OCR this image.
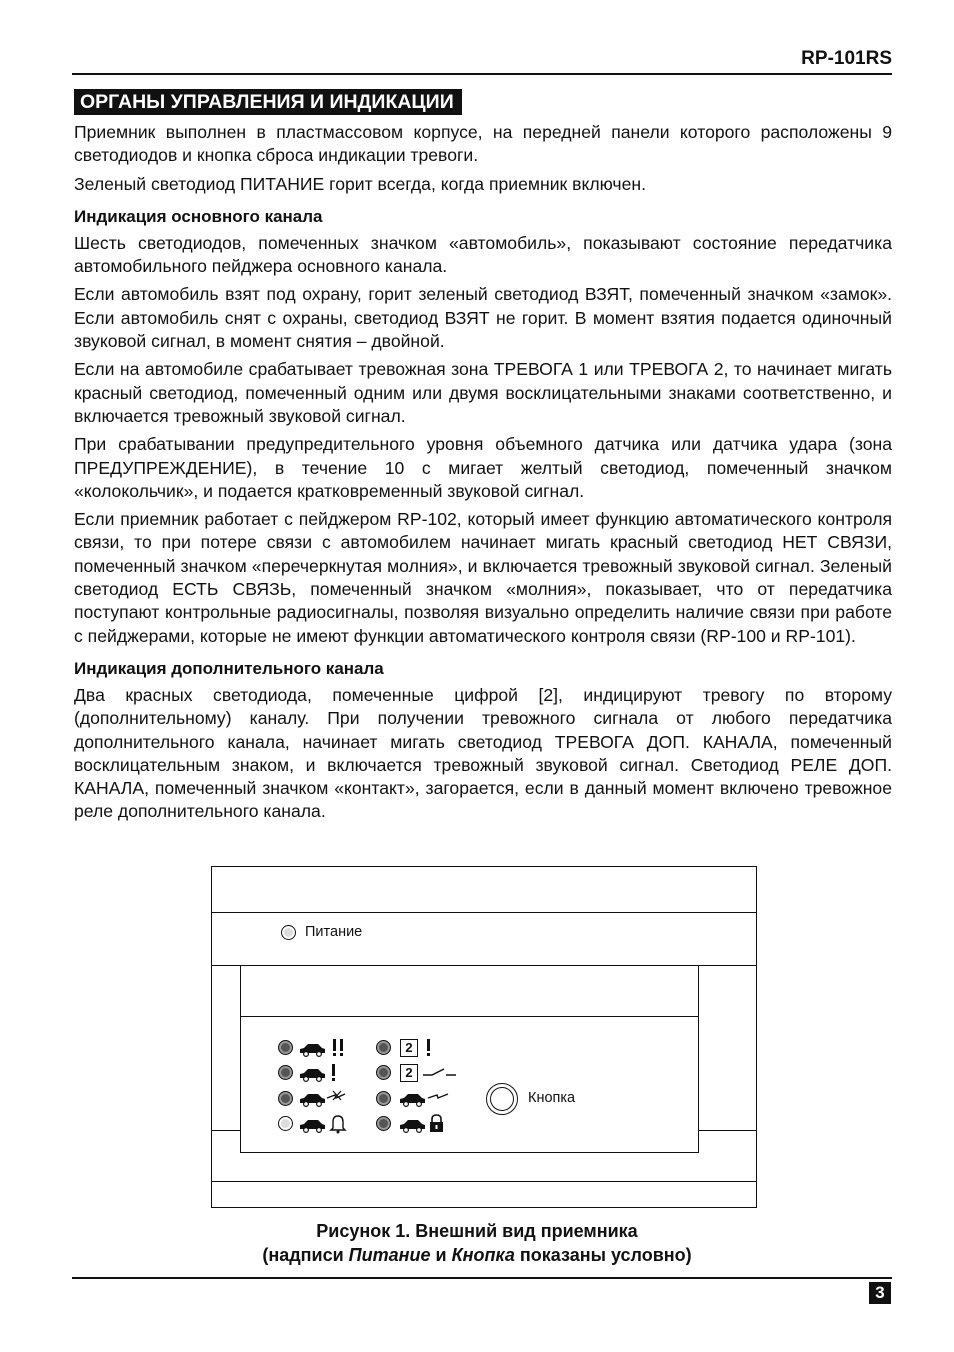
RP-101RS
ОРГАНЫ УПРАВЛЕНИЯ И ИНДИКАЦИИ

Приемник выполнен в пластмассовом корпусе, на передней панели которого расположены 9 светодиодов и кнопка сброса индикации тревоги.

Зеленый светодиод ПИТАНИЕ горит всегда, когда приемник включен.

Индикация основного канала

Шесть светодиодов, помеченных значком «автомобиль», показывают состояние передатчика автомобильного пейджера основного канала.

Если автомобиль взят под охрану, горит зеленый светодиод ВЗЯТ, помеченный значком «замок». Если автомобиль снят с охраны, светодиод ВЗЯТ не горит. В момент взятия подается одиночный звуковой сигнал, в момент снятия – двойной.

Если на автомобиле срабатывает тревожная зона ТРЕВОГА 1 или ТРЕВОГА 2, то начинает мигать красный светодиод, помеченный одним или двумя восклицательными знаками соответственно, и включается тревожный звуковой сигнал.

При срабатывании предупредительного уровня объемного датчика или датчика удара (зона ПРЕДУПРЕЖДЕНИЕ), в течение 10 с мигает желтый светодиод, помеченный значком «колокольчик», и подается кратковременный звуковой сигнал.

Если приемник работает с пейджером RP-102, который имеет функцию автоматического контроля связи, то при потере связи с автомобилем начинает мигать красный светодиод НЕТ СВЯЗИ, помеченный значком «перечеркнутая молния», и включается тревожный звуковой сигнал. Зеленый светодиод ЕСТЬ СВЯЗЬ, помеченный значком «молния», показывает, что от передатчика поступают контрольные радиосигналы, позволяя визуально определить наличие связи при работе с пейджерами, которые не имеют функции автоматического контроля связи (RP-100 и RP-101).

Индикация дополнительного канала

Два красных светодиода, помеченные цифрой [2], индицируют тревогу по второму (дополнительному) каналу. При получении тревожного сигнала от любого передатчика дополнительного канала, начинает мигать светодиод ТРЕВОГА ДОП. КАНАЛА, помеченный восклицательным знаком, и включается тревожный звуковой сигнал. Светодиод РЕЛЕ ДОП. КАНАЛА, помеченный значком «контакт», загорается, если в данный момент включено тревожное реле дополнительного канала.

Питание
2
2
Кнопка
Рисунок 1. Внешний вид приемника
(надписи Питание и Кнопка показаны условно)
3
